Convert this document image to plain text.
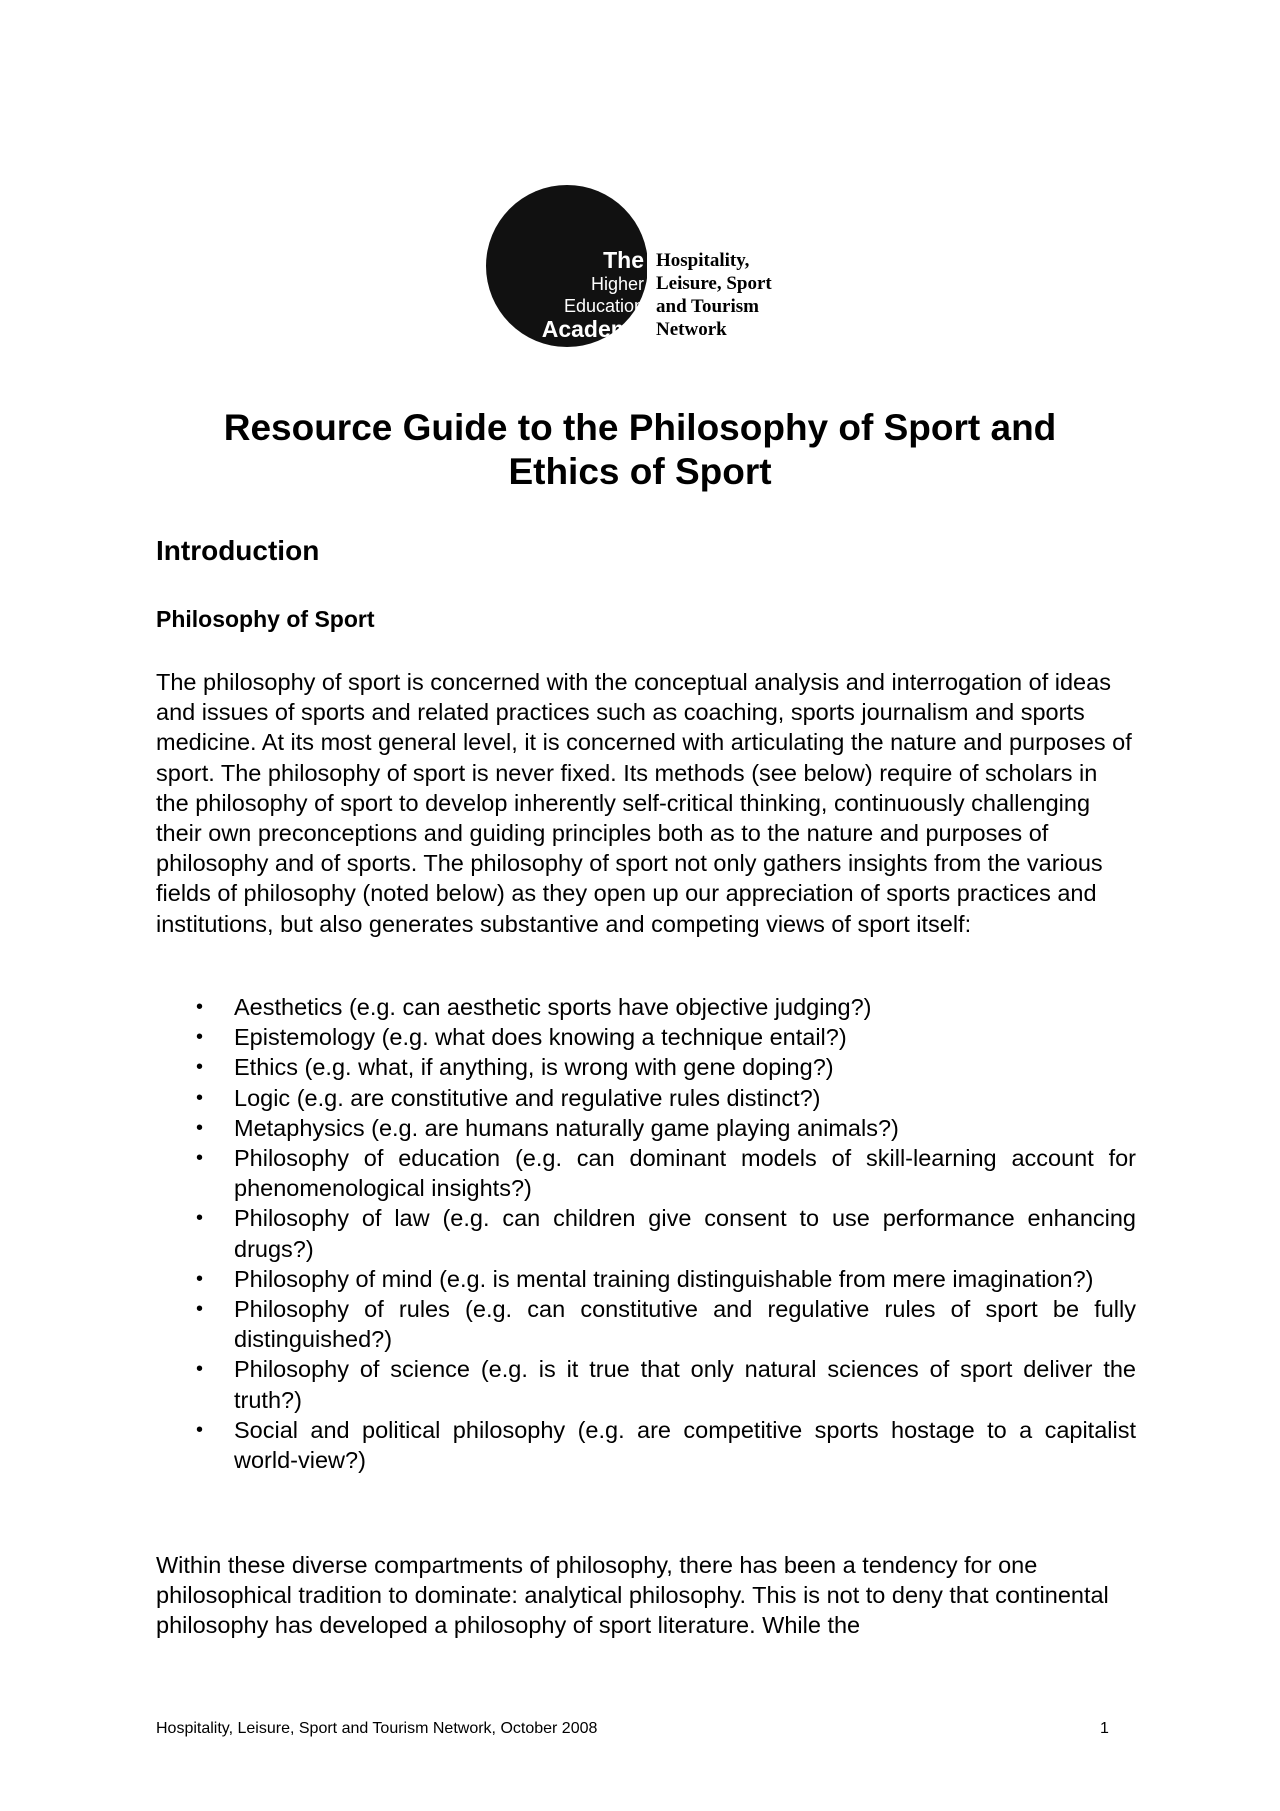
The
Higher
Education
Academy
Hospitality,
Leisure, Sport
and Tourism
Network
Resource Guide to the Philosophy of Sport and
Ethics of Sport
Introduction
Philosophy of Sport

The philosophy of sport is concerned with the conceptual analysis and interrogation of ideas and issues of sports and related practices such as coaching, sports journalism and sports medicine. At its most general level, it is concerned with articulating the nature and purposes of sport. The philosophy of sport is never fixed. Its methods (see below) require of scholars in the philosophy of sport to develop inherently self-critical thinking, continuously challenging their own preconceptions and guiding principles both as to the nature and purposes of philosophy and of sports. The philosophy of sport not only gathers insights from the various fields of philosophy (noted below) as they open up our appreciation of sports practices and institutions, but also generates substantive and competing views of sport itself:

• Aesthetics (e.g. can aesthetic sports have objective judging?)
• Epistemology (e.g. what does knowing a technique entail?)
• Ethics (e.g. what, if anything, is wrong with gene doping?)
• Logic (e.g. are constitutive and regulative rules distinct?)
• Metaphysics (e.g. are humans naturally game playing animals?)
• Philosophy of education (e.g. can dominant models of skill-learning account for phenomenological insights?)
• Philosophy of law (e.g. can children give consent to use performance enhancing drugs?)
• Philosophy of mind (e.g. is mental training distinguishable from mere imagination?)
• Philosophy of rules (e.g. can constitutive and regulative rules of sport be fully distinguished?)
• Philosophy of science (e.g. is it true that only natural sciences of sport deliver the truth?)
• Social and political philosophy (e.g. are competitive sports hostage to a capitalist world-view?)

Within these diverse compartments of philosophy, there has been a tendency for one philosophical tradition to dominate: analytical philosophy. This is not to deny that continental philosophy has developed a philosophy of sport literature. While the

Hospitality, Leisure, Sport and Tourism Network, October 2008	1
